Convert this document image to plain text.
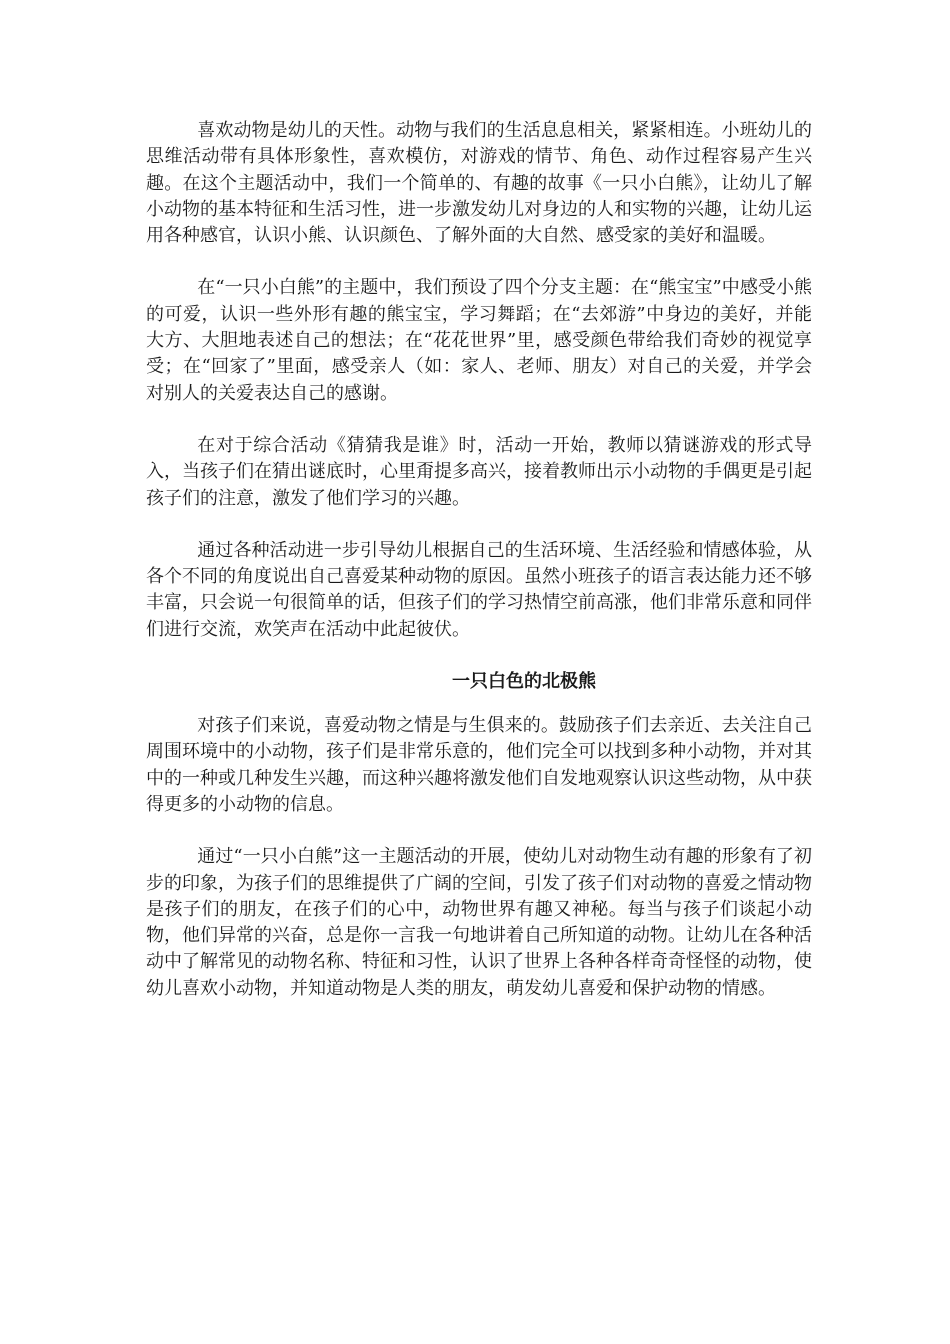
喜欢动物是幼儿的天性。动物与我们的生活息息相关，紧紧相连。小班幼儿的思维活动带有具体形象性，喜欢模仿，对游戏的情节、角色、动作过程容易产生兴趣。在这个主题活动中，我们一个简单的、有趣的故事《一只小白熊》，让幼儿了解小动物的基本特征和生活习性，进一步激发幼儿对身边的人和实物的兴趣，让幼儿运用各种感官，认识小熊、认识颜色、了解外面的大自然、感受家的美好和温暖。

在“一只小白熊”的主题中，我们预设了四个分支主题：在“熊宝宝”中感受小熊的可爱，认识一些外形有趣的熊宝宝，学习舞蹈；在“去郊游”中身边的美好，并能大方、大胆地表述自己的想法；在“花花世界”里，感受颜色带给我们奇妙的视觉享受；在“回家了”里面，感受亲人（如：家人、老师、朋友）对自己的关爱，并学会对别人的关爱表达自己的感谢。

在对于综合活动《猜猜我是谁》时，活动一开始，教师以猜谜游戏的形式导入，当孩子们在猜出谜底时，心里甭提多高兴，接着教师出示小动物的手偶更是引起孩子们的注意，激发了他们学习的兴趣。

通过各种活动进一步引导幼儿根据自己的生活环境、生活经验和情感体验，从各个不同的角度说出自己喜爱某种动物的原因。虽然小班孩子的语言表达能力还不够丰富，只会说一句很简单的话，但孩子们的学习热情空前高涨，他们非常乐意和同伴们进行交流，欢笑声在活动中此起彼伏。

一只白色的北极熊

对孩子们来说，喜爱动物之情是与生俱来的。鼓励孩子们去亲近、去关注自己周围环境中的小动物，孩子们是非常乐意的，他们完全可以找到多种小动物，并对其中的一种或几种发生兴趣，而这种兴趣将激发他们自发地观察认识这些动物，从中获得更多的小动物的信息。

通过“一只小白熊”这一主题活动的开展，使幼儿对动物生动有趣的形象有了初步的印象，为孩子们的思维提供了广阔的空间，引发了孩子们对动物的喜爱之情动物是孩子们的朋友，在孩子们的心中，动物世界有趣又神秘。每当与孩子们谈起小动物，他们异常的兴奋，总是你一言我一句地讲着自己所知道的动物。让幼儿在各种活动中了解常见的动物名称、特征和习性，认识了世界上各种各样奇奇怪怪的动物，使幼儿喜欢小动物，并知道动物是人类的朋友，萌发幼儿喜爱和保护动物的情感。
